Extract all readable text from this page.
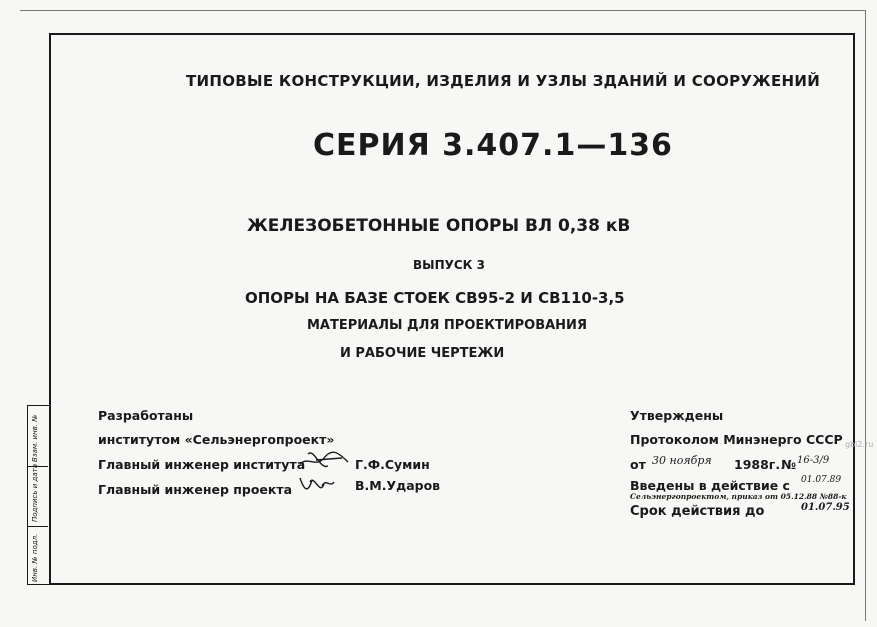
Инв. № подл.
Подпись и дата
Взам. инв. №
ТИПОВЫЕ КОНСТРУКЦИИ, ИЗДЕЛИЯ И УЗЛЫ ЗДАНИЙ И СООРУЖЕНИЙ
СЕРИЯ 3.407.1—136
ЖЕЛЕЗОБЕТОННЫЕ ОПОРЫ ВЛ 0,38 кВ
ВЫПУСК 3
ОПОРЫ НА БАЗЕ СТОЕК СВ95-2 И СВ110-3,5
МАТЕРИАЛЫ ДЛЯ ПРОЕКТИРОВАНИЯ
И РАБОЧИЕ ЧЕРТЕЖИ
Разработаны
институтом «Сельэнергопроект»
Главный инженер института	Г.Ф.Сумин
Главный инженер проекта	В.М.Ударов
Утверждены
Протоколом Минэнерго СССР
от 30 ноября 1988г. № 16-3/9
Введены в действие с 01.07.89
Сельэнергопроектом, приказ от 05.12.88 №88-к
Срок действия до	01.07.95
gbi2.ru
